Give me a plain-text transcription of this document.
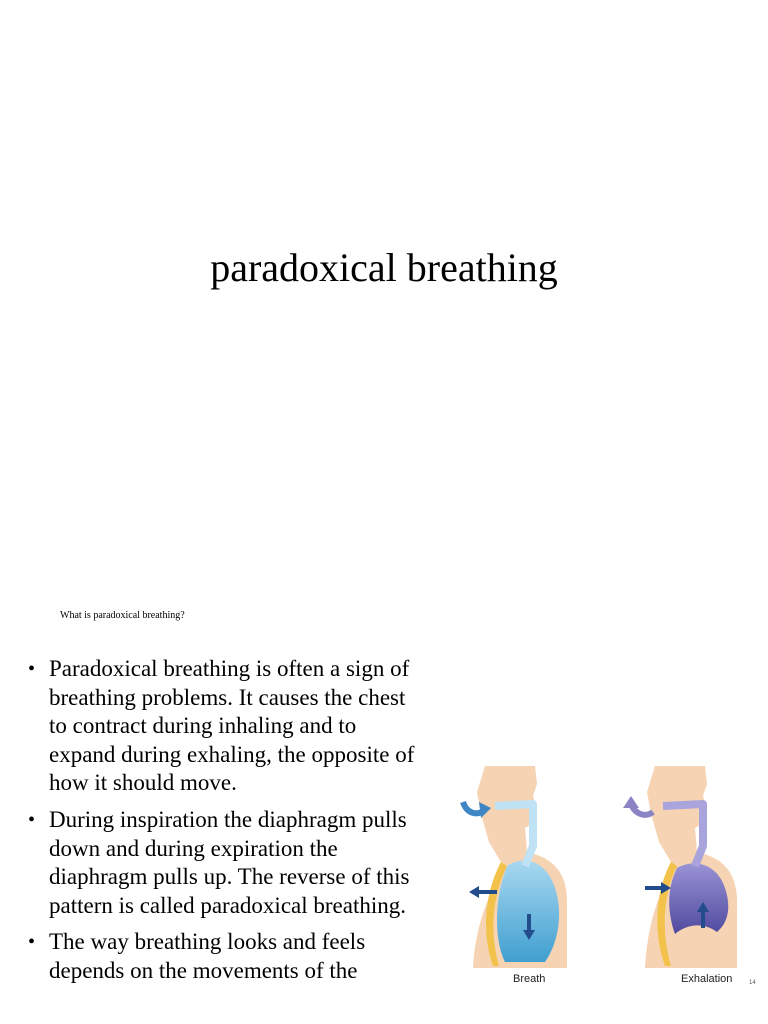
paradoxical breathing
What is paradoxical breathing?
• Paradoxical breathing is often a sign of breathing problems. It causes the chest to contract during inhaling and to expand during exhaling, the opposite of how it should move.
• During inspiration the diaphragm pulls down and during expiration the diaphragm pulls up. The reverse of this pattern is called paradoxical breathing.
• The way breathing looks and feels depends on the movements of the	Breath	Exhalation	14
